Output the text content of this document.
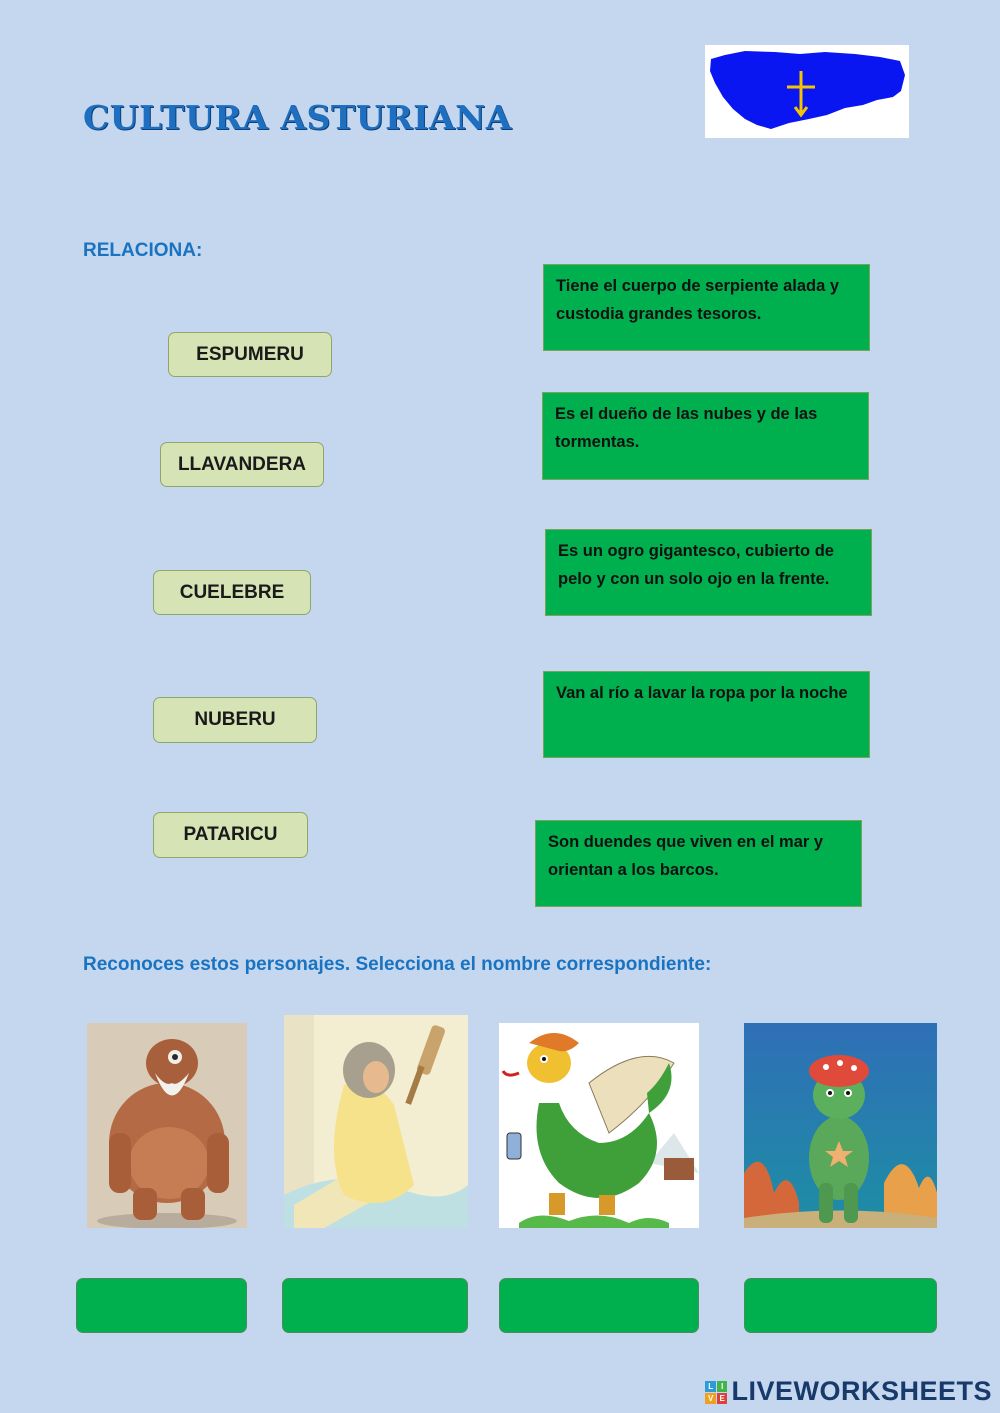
CULTURA ASTURIANA
RELACIONA:
ESPUMERU
LLAVANDERA
CUELEBRE
NUBERU
PATARICU
Tiene el cuerpo de serpiente alada y custodia grandes tesoros.
Es el dueño de las nubes y de las tormentas.
Es un ogro gigantesco, cubierto de pelo y con un solo ojo en la frente.
Van al río a lavar la ropa por la noche
Son duendes que viven en el mar y orientan a los barcos.
Reconoces estos personajes. Selecciona el nombre correspondiente:
L I
V E LIVEWORKSHEETS
